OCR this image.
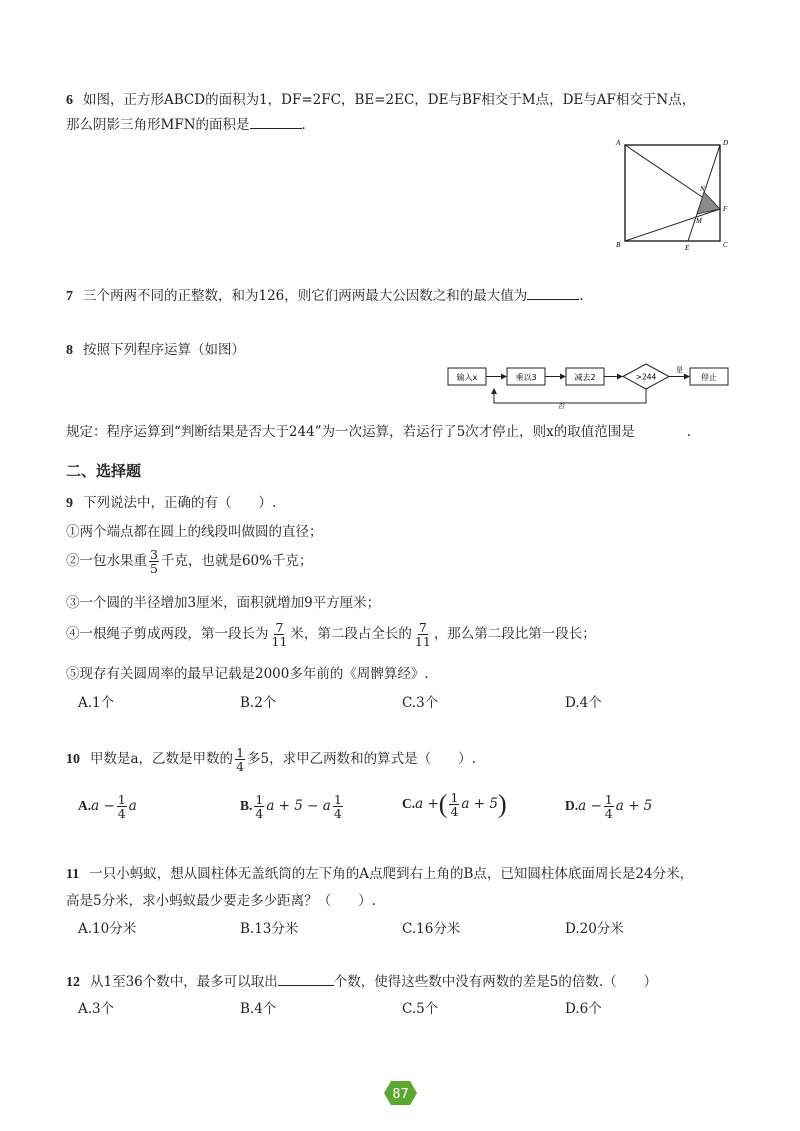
6 如图，正方形ABCD的面积为1，DF=2FC，BE=2EC，DE与BF相交于M点，DE与AF相交于N点，
那么阴影三角形MFN的面积是	.
A	D
B	C
E
F
N
M
7 三个两两不同的正整数，和为126，则它们两两最大公因数之和的最大值为	.
8 按照下列程序运算（如图）
输入x	乘以3	减去2	>244
是
停止
否
规定：程序运算到“判断结果是否大于244”为一次运算，若运行了5次才停止，则x的取值范围是	.
二、选择题
9 下列说法中，正确的有（　　）.
①两个端点都在圆上的线段叫做圆的直径；
②一包水果重 $\frac{3}{5}$ 千克，也就是60%千克；
③一个圆的半径增加3厘米，面积就增加9平方厘米；
④一根绳子剪成两段，第一段长为 $\frac{7}{11}$ 米，第二段占全长的 $\frac{7}{11}$ ，那么第二段比第一段长；
⑤现存有关圆周率的最早记载是2000多年前的《周髀算经》.
A.1个	B.2个	C.3个	D.4个
10 甲数是a，乙数是甲数的 $\frac{1}{4}$ 多5，求甲乙两数和的算式是（　　）.
$A.a - \frac{1}{4}$ a	B. $\frac{1}{4}$ a + 5 − a $\frac{1}{4}$	C.a +( $\frac{1}{4}$ a + 5)	$D.a - \frac{1}{4}$ a + 5
11 一只小蚂蚁，想从圆柱体无盖纸筒的左下角的A点爬到右上角的B点，已知圆柱体底面周长是24分米，
高是5分米，求小蚂蚁最少要走多少距离？（　　）.
A.10分米	B.13分米	C.16分米	D.20分米
12 从1至36个数中，最多可以取出	个数，使得这些数中没有两数的差是5的倍数.（　　）
A.3个	B.4个	C.5个	D.6个
87
